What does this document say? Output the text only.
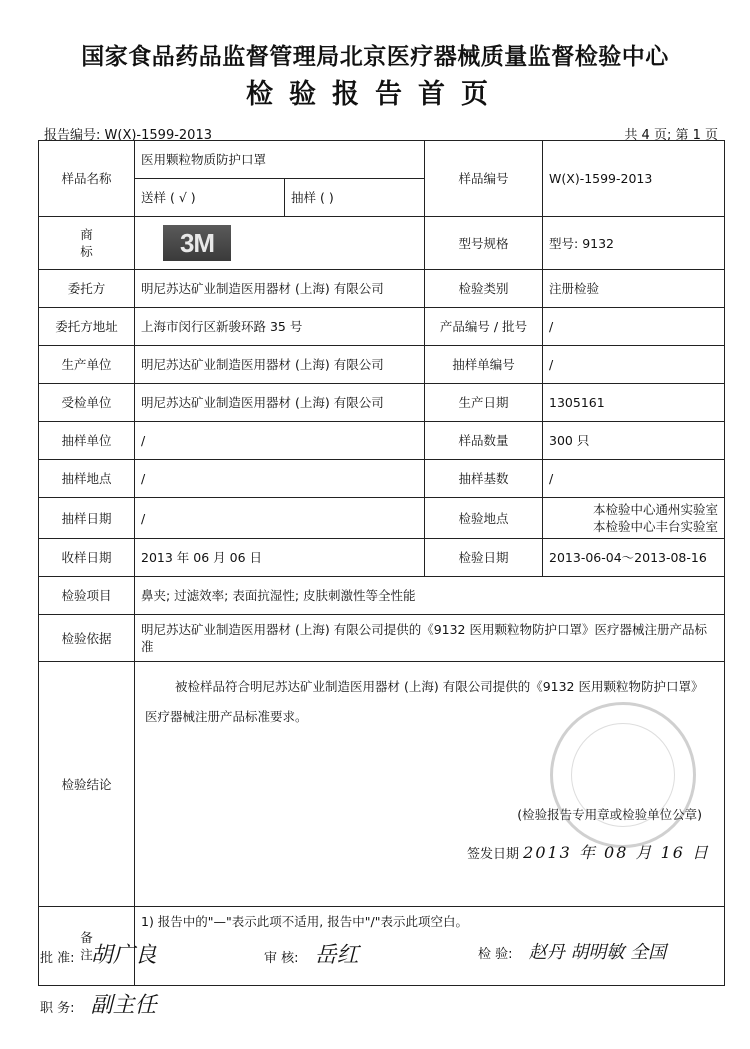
国家食品药品监督管理局北京医疗器械质量监督检验中心
检验报告首页
报告编号: W(X)-1599-2013	共 4 页; 第 1 页
样品名称	医用颗粒物质防护口罩		样品编号	W(X)-1599-2013
	送样 ( √ )	抽样 ( )		
商 标	3M		型号规格	型号: 9132
委托方	明尼苏达矿业制造医用器材 (上海) 有限公司		检验类别	注册检验
委托方地址	上海市闵行区新骏环路 35 号		产品编号 / 批号	/
生产单位	明尼苏达矿业制造医用器材 (上海) 有限公司		抽样单编号	/
受检单位	明尼苏达矿业制造医用器材 (上海) 有限公司		生产日期	1305161
抽样单位	/		样品数量	300 只
抽样地点	/		抽样基数	/
抽样日期	/		检验地点	本检验中心通州实验室
本检验中心丰台实验室

收样日期	2013 年 06 月 06 日		检验日期	2013-06-04～2013-08-16
检验项目	鼻夹; 过滤效率; 表面抗湿性; 皮肤刺激性等全性能			
检验依据	明尼苏达矿业制造医用器材 (上海) 有限公司提供的《9132 医用颗粒物防护口罩》医疗器械注册产品标准			
检验结论	被检样品符合明尼苏达矿业制造医用器材 (上海) 有限公司提供的《9132 医用颗粒物防护口罩》医疗器械注册产品标准要求。
(检验报告专用章或检验单位公章)
签发日期 2013 年 08 月 16 日			

备
注	1) 报告中的"—"表示此项不适用, 报告中"/"表示此项空白。			
批 准: 胡广良	审 核: 岳红	检 验: 赵丹 胡明敏 全国
职 务: 副主任
